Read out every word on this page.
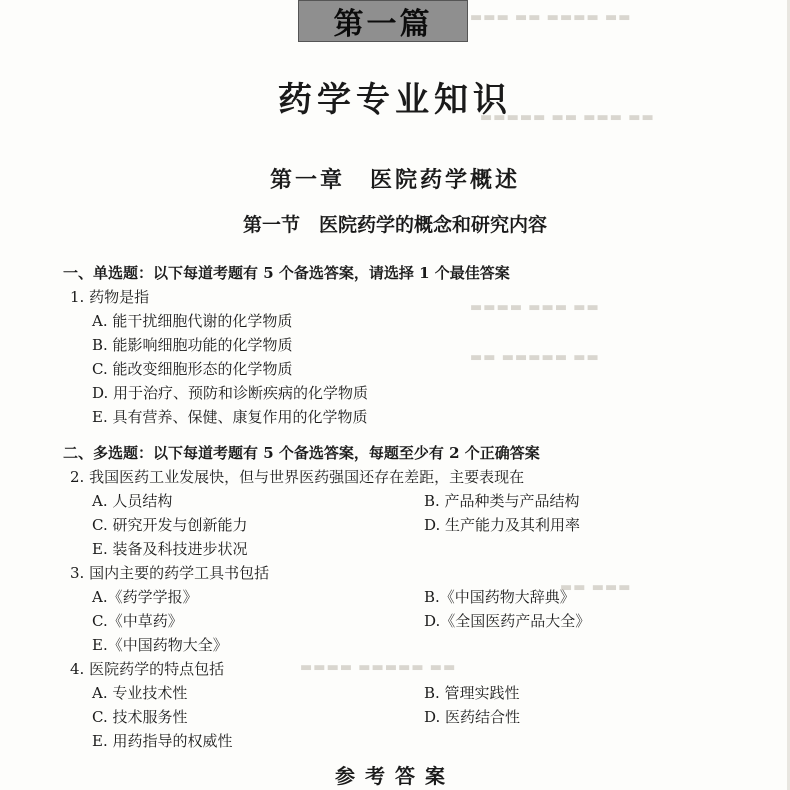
▬▬▬ ▬▬ ▬▬▬▬ ▬▬
▬▬▬▬▬ ▬▬ ▬▬▬ ▬▬
▬▬▬▬ ▬▬▬ ▬▬
▬▬ ▬▬▬▬▬ ▬▬
▬▬ ▬▬▬
▬▬▬▬ ▬▬▬▬▬ ▬▬
第一篇
药学专业知识
第一章　医院药学概述
第一节　医院药学的概念和研究内容
一、单选题：以下每道考题有 5 个备选答案，请选择 1 个最佳答案
1. 药物是指
A. 能干扰细胞代谢的化学物质
B. 能影响细胞功能的化学物质
C. 能改变细胞形态的化学物质
D. 用于治疗、预防和诊断疾病的化学物质
E. 具有营养、保健、康复作用的化学物质
二、多选题：以下每道考题有 5 个备选答案，每题至少有 2 个正确答案
2. 我国医药工业发展快，但与世界医药强国还存在差距，主要表现在
A. 人员结构	B. 产品种类与产品结构
C. 研究开发与创新能力	D. 生产能力及其利用率
E. 装备及科技进步状况
3. 国内主要的药学工具书包括
A.《药学学报》	B.《中国药物大辞典》
C.《中草药》	D.《全国医药产品大全》
E.《中国药物大全》
4. 医院药学的特点包括
A. 专业技术性	B. 管理实践性
C. 技术服务性	D. 医药结合性
E. 用药指导的权威性
参考答案
